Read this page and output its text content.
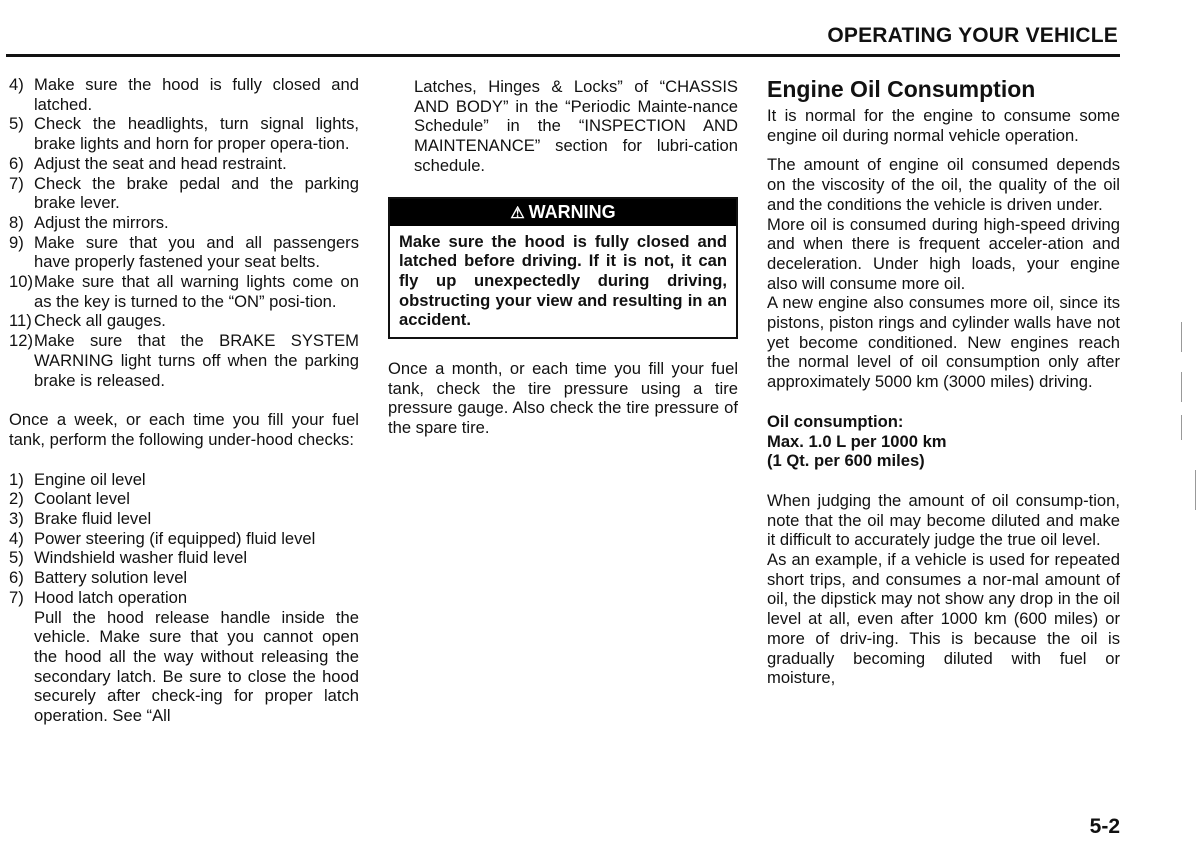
OPERATING YOUR VEHICLE
4) Make sure the hood is fully closed and latched.
5) Check the headlights, turn signal lights, brake lights and horn for proper opera-tion.
6) Adjust the seat and head restraint.
7) Check the brake pedal and the parking brake lever.
8) Adjust the mirrors.
9) Make sure that you and all passengers have properly fastened your seat belts.
10) Make sure that all warning lights come on as the key is turned to the “ON” posi-tion.
11) Check all gauges.
12) Make sure that the BRAKE SYSTEM WARNING light turns off when the parking brake is released.

Once a week, or each time you fill your fuel tank, perform the following under-hood checks:

1) Engine oil level
2) Coolant level
3) Brake fluid level
4) Power steering (if equipped) fluid level
5) Windshield washer fluid level
6) Battery solution level
7) Hood latch operation
Pull the hood release handle inside the vehicle. Make sure that you cannot open the hood all the way without releasing the secondary latch. Be sure to close the hood securely after check-ing for proper latch operation. See “All

Latches, Hinges & Locks” of “CHASSIS AND BODY” in the “Periodic Mainte-nance Schedule” in the “INSPECTION AND MAINTENANCE” section for lubri-cation schedule.

⚠ WARNING
Make sure the hood is fully closed and latched before driving. If it is not, it can fly up unexpectedly during driving, obstructing your view and resulting in an accident.

Once a month, or each time you fill your fuel tank, check the tire pressure using a tire pressure gauge. Also check the tire pressure of the spare tire.

Engine Oil Consumption

It is normal for the engine to consume some engine oil during normal vehicle operation.

The amount of engine oil consumed depends on the viscosity of the oil, the quality of the oil and the conditions the vehicle is driven under.

More oil is consumed during high-speed driving and when there is frequent acceler-ation and deceleration. Under high loads, your engine also will consume more oil.

A new engine also consumes more oil, since its pistons, piston rings and cylinder walls have not yet become conditioned. New engines reach the normal level of oil consumption only after approximately 5000 km (3000 miles) driving.

Oil consumption:
Max. 1.0 L per 1000 km
(1 Qt. per 600 miles)

When judging the amount of oil consump-tion, note that the oil may become diluted and make it difficult to accurately judge the true oil level.

As an example, if a vehicle is used for repeated short trips, and consumes a nor-mal amount of oil, the dipstick may not show any drop in the oil level at all, even after 1000 km (600 miles) or more of driv-ing. This is because the oil is gradually becoming diluted with fuel or moisture,

5-2
